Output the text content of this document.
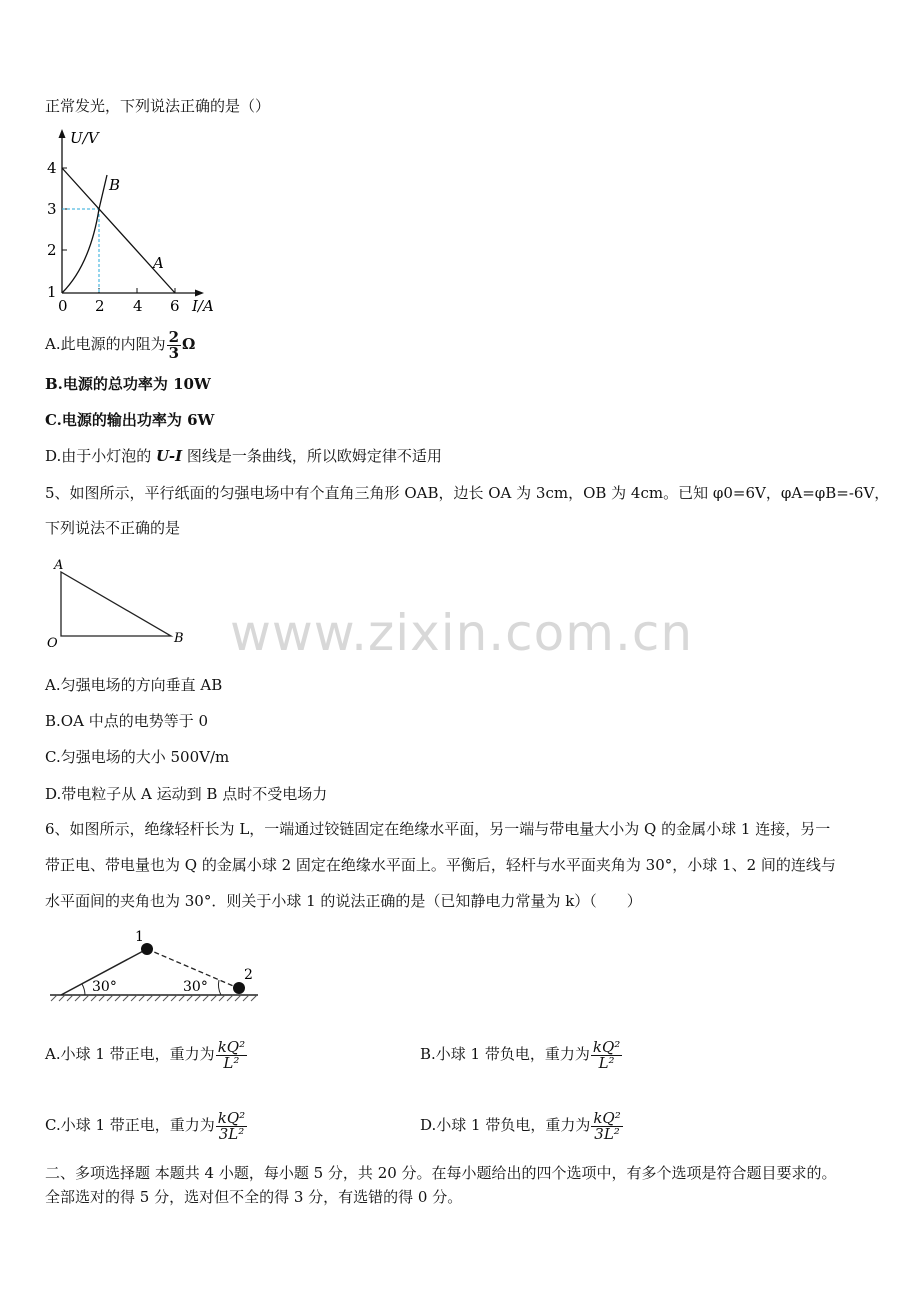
正常发光，下列说法正确的是（）
U/V
I/A
4
3
2
1
0 2 4 6
B
A
A.此电源的内阻为 $\frac{2}{3}$ Ω
B.电源的总功率为 10W
C.电源的输出功率为 6W
D.由于小灯泡的 U-I 图线是一条曲线，所以欧姆定律不适用
5、如图所示，平行纸面的匀强电场中有个直角三角形 OAB，边长 OA 为 3cm，OB 为 4cm。已知 φ0=6V，φA=φB=-6V，
下列说法不正确的是
A
O	B www.zixin.com.cn
A.匀强电场的方向垂直 AB
B.OA 中点的电势等于 0
C.匀强电场的大小 500V/m
D.带电粒子从 A 运动到 B 点时不受电场力
6、如图所示，绝缘轻杆长为 L，一端通过铰链固定在绝缘水平面，另一端与带电量大小为 Q 的金属小球 1 连接，另一
带正电、带电量也为 Q 的金属小球 2 固定在绝缘水平面上。平衡后，轻杆与水平面夹角为 30°，小球 1、2 间的连线与
水平面间的夹角也为 30°．则关于小球 1 的说法正确的是（已知静电力常量为 k）（　　）
1
2
30°	30°
A.小球 1 带正电，重力为 $\frac{\text{kQ²}}{\text{L²}}$	B.小球 1 带负电，重力为 $\frac{\text{kQ²}}{\text{L²}}$
C.小球 1 带正电，重力为 $\frac{\text{kQ²}}{\text{3L²}}$	D.小球 1 带负电，重力为 $\frac{\text{kQ²}}{\text{3L²}}$
二、多项选择题 本题共 4 小题，每小题 5 分，共 20 分。在每小题给出的四个选项中，有多个选项是符合题目要求的。
全部选对的得 5 分，选对但不全的得 3 分，有选错的得 0 分。
